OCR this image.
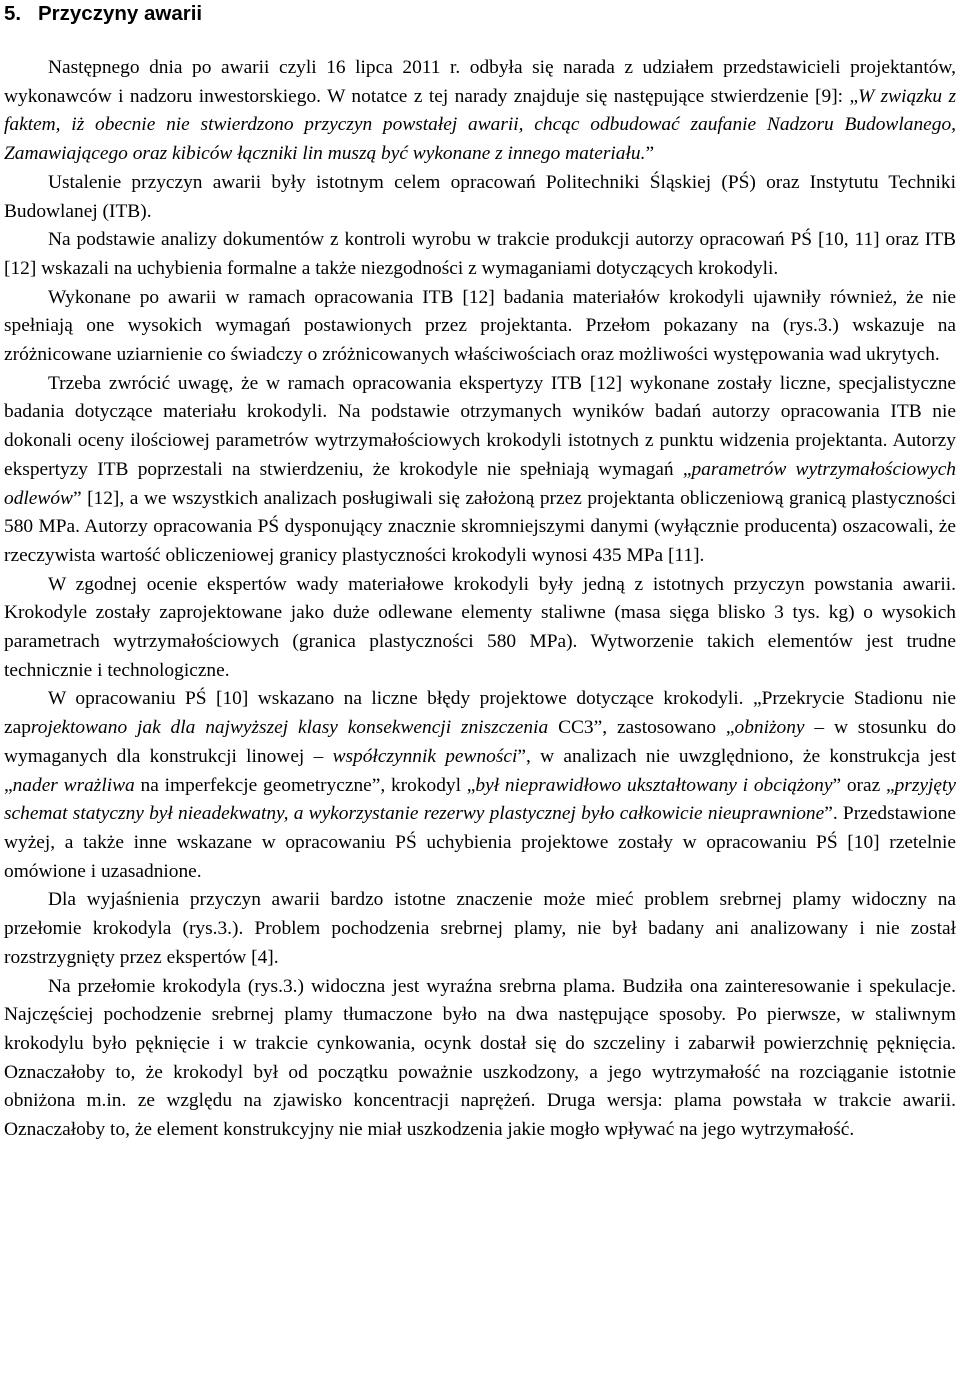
5. Przyczyny awarii

Następnego dnia po awarii czyli 16 lipca 2011 r. odbyła się narada z udziałem przedstawicieli projektantów, wykonawców i nadzoru inwestorskiego. W notatce z tej narady znajduje się następujące stwierdzenie [9]: „W związku z faktem, iż obecnie nie stwierdzono przyczyn powstałej awarii, chcąc odbudować zaufanie Nadzoru Budowlanego, Zamawiającego oraz kibiców łączniki lin muszą być wykonane z innego materiału.”

Ustalenie przyczyn awarii były istotnym celem opracowań Politechniki Śląskiej (PŚ) oraz Instytutu Techniki Budowlanej (ITB).

Na podstawie analizy dokumentów z kontroli wyrobu w trakcie produkcji autorzy opracowań PŚ [10, 11] oraz ITB [12] wskazali na uchybienia formalne a także niezgodności z wymaganiami dotyczących krokodyli.

Wykonane po awarii w ramach opracowania ITB [12] badania materiałów krokodyli ujawniły również, że nie spełniają one wysokich wymagań postawionych przez projektanta. Przełom pokazany na (rys.3.) wskazuje na zróżnicowane uziarnienie co świadczy o zróżnicowanych właściwościach oraz możliwości występowania wad ukrytych.

Trzeba zwrócić uwagę, że w ramach opracowania ekspertyzy ITB [12] wykonane zostały liczne, specjalistyczne badania dotyczące materiału krokodyli. Na podstawie otrzymanych wyników badań autorzy opracowania ITB nie dokonali oceny ilościowej parametrów wytrzymałościowych krokodyli istotnych z punktu widzenia projektanta. Autorzy ekspertyzy ITB poprzestali na stwierdzeniu, że krokodyle nie spełniają wymagań „parametrów wytrzymałościowych odlewów” [12], a we wszystkich analizach posługiwali się założoną przez projektanta obliczeniową granicą plastyczności 580 MPa. Autorzy opracowania PŚ dysponujący znacznie skromniejszymi danymi (wyłącznie producenta) oszacowali, że rzeczywista wartość obliczeniowej granicy plastyczności krokodyli wynosi 435 MPa [11].

W zgodnej ocenie ekspertów wady materiałowe krokodyli były jedną z istotnych przyczyn powstania awarii. Krokodyle zostały zaprojektowane jako duże odlewane elementy staliwne (masa sięga blisko 3 tys. kg) o wysokich parametrach wytrzymałościowych (granica plastyczności 580 MPa). Wytworzenie takich elementów jest trudne technicznie i technologiczne.

W opracowaniu PŚ [10] wskazano na liczne błędy projektowe dotyczące krokodyli. „Przekrycie Stadionu nie zaprojektowano jak dla najwyższej klasy konsekwencji zniszczenia CC3”, zastosowano „obniżony – w stosunku do wymaganych dla konstrukcji linowej – współczynnik pewności”, w analizach nie uwzględniono, że konstrukcja jest „nader wrażliwa na imperfekcje geometryczne”, krokodyl „był nieprawidłowo ukształtowany i obciążony” oraz „przyjęty schemat statyczny był nieadekwatny, a wykorzystanie rezerwy plastycznej było całkowicie nieuprawnione”. Przedstawione wyżej, a także inne wskazane w opracowaniu PŚ uchybienia projektowe zostały w opracowaniu PŚ [10] rzetelnie omówione i uzasadnione.

Dla wyjaśnienia przyczyn awarii bardzo istotne znaczenie może mieć problem srebrnej plamy widoczny na przełomie krokodyla (rys.3.). Problem pochodzenia srebrnej plamy, nie był badany ani analizowany i nie został rozstrzygnięty przez ekspertów [4].

Na przełomie krokodyla (rys.3.) widoczna jest wyraźna srebrna plama. Budziła ona zainteresowanie i spekulacje. Najczęściej pochodzenie srebrnej plamy tłumaczone było na dwa następujące sposoby. Po pierwsze, w staliwnym krokodylu było pęknięcie i w trakcie cynkowania, ocynk dostał się do szczeliny i zabarwił powierzchnię pęknięcia. Oznaczałoby to, że krokodyl był od początku poważnie uszkodzony, a jego wytrzymałość na rozciąganie istotnie obniżona m.in. ze względu na zjawisko koncentracji naprężeń. Druga wersja: plama powstała w trakcie awarii. Oznaczałoby to, że element konstrukcyjny nie miał uszkodzenia jakie mogło wpływać na jego wytrzymałość.
